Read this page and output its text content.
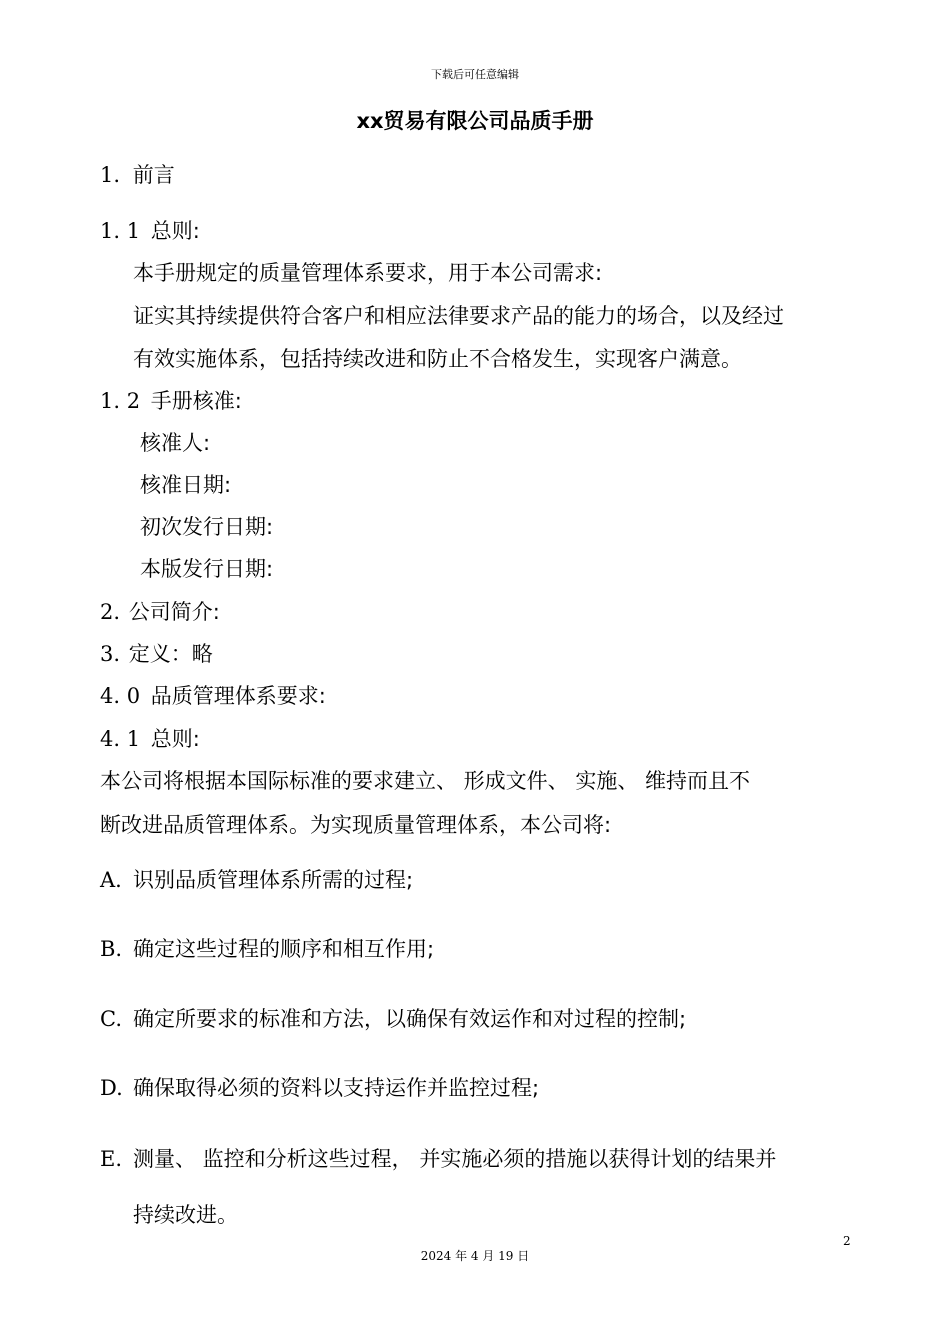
下载后可任意编辑
xx贸易有限公司品质手册
1. 前言
1. 1 总则:
本手册规定的质量管理体系要求，用于本公司需求:
证实其持续提供符合客户和相应法律要求产品的能力的场合，以及经过
有效实施体系，包括持续改进和防止不合格发生，实现客户满意。
1. 2 手册核准:
核准人:
核准日期:
初次发行日期:
本版发行日期:
2. 公司简介:
3. 定义：略
4. 0 品质管理体系要求:
4. 1 总则:
本公司将根据本国际标准的要求建立、 形成文件、 实施、 维持而且不
断改进品质管理体系。为实现质量管理体系，本公司将:
A. 识别品质管理体系所需的过程;
B. 确定这些过程的顺序和相互作用;
C. 确定所要求的标准和方法，以确保有效运作和对过程的控制;
D. 确保取得必须的资料以支持运作并监控过程;
E. 测量、 监控和分析这些过程， 并实施必须的措施以获得计划的结果并
持续改进。
2
2024 年 4 月 19 日
